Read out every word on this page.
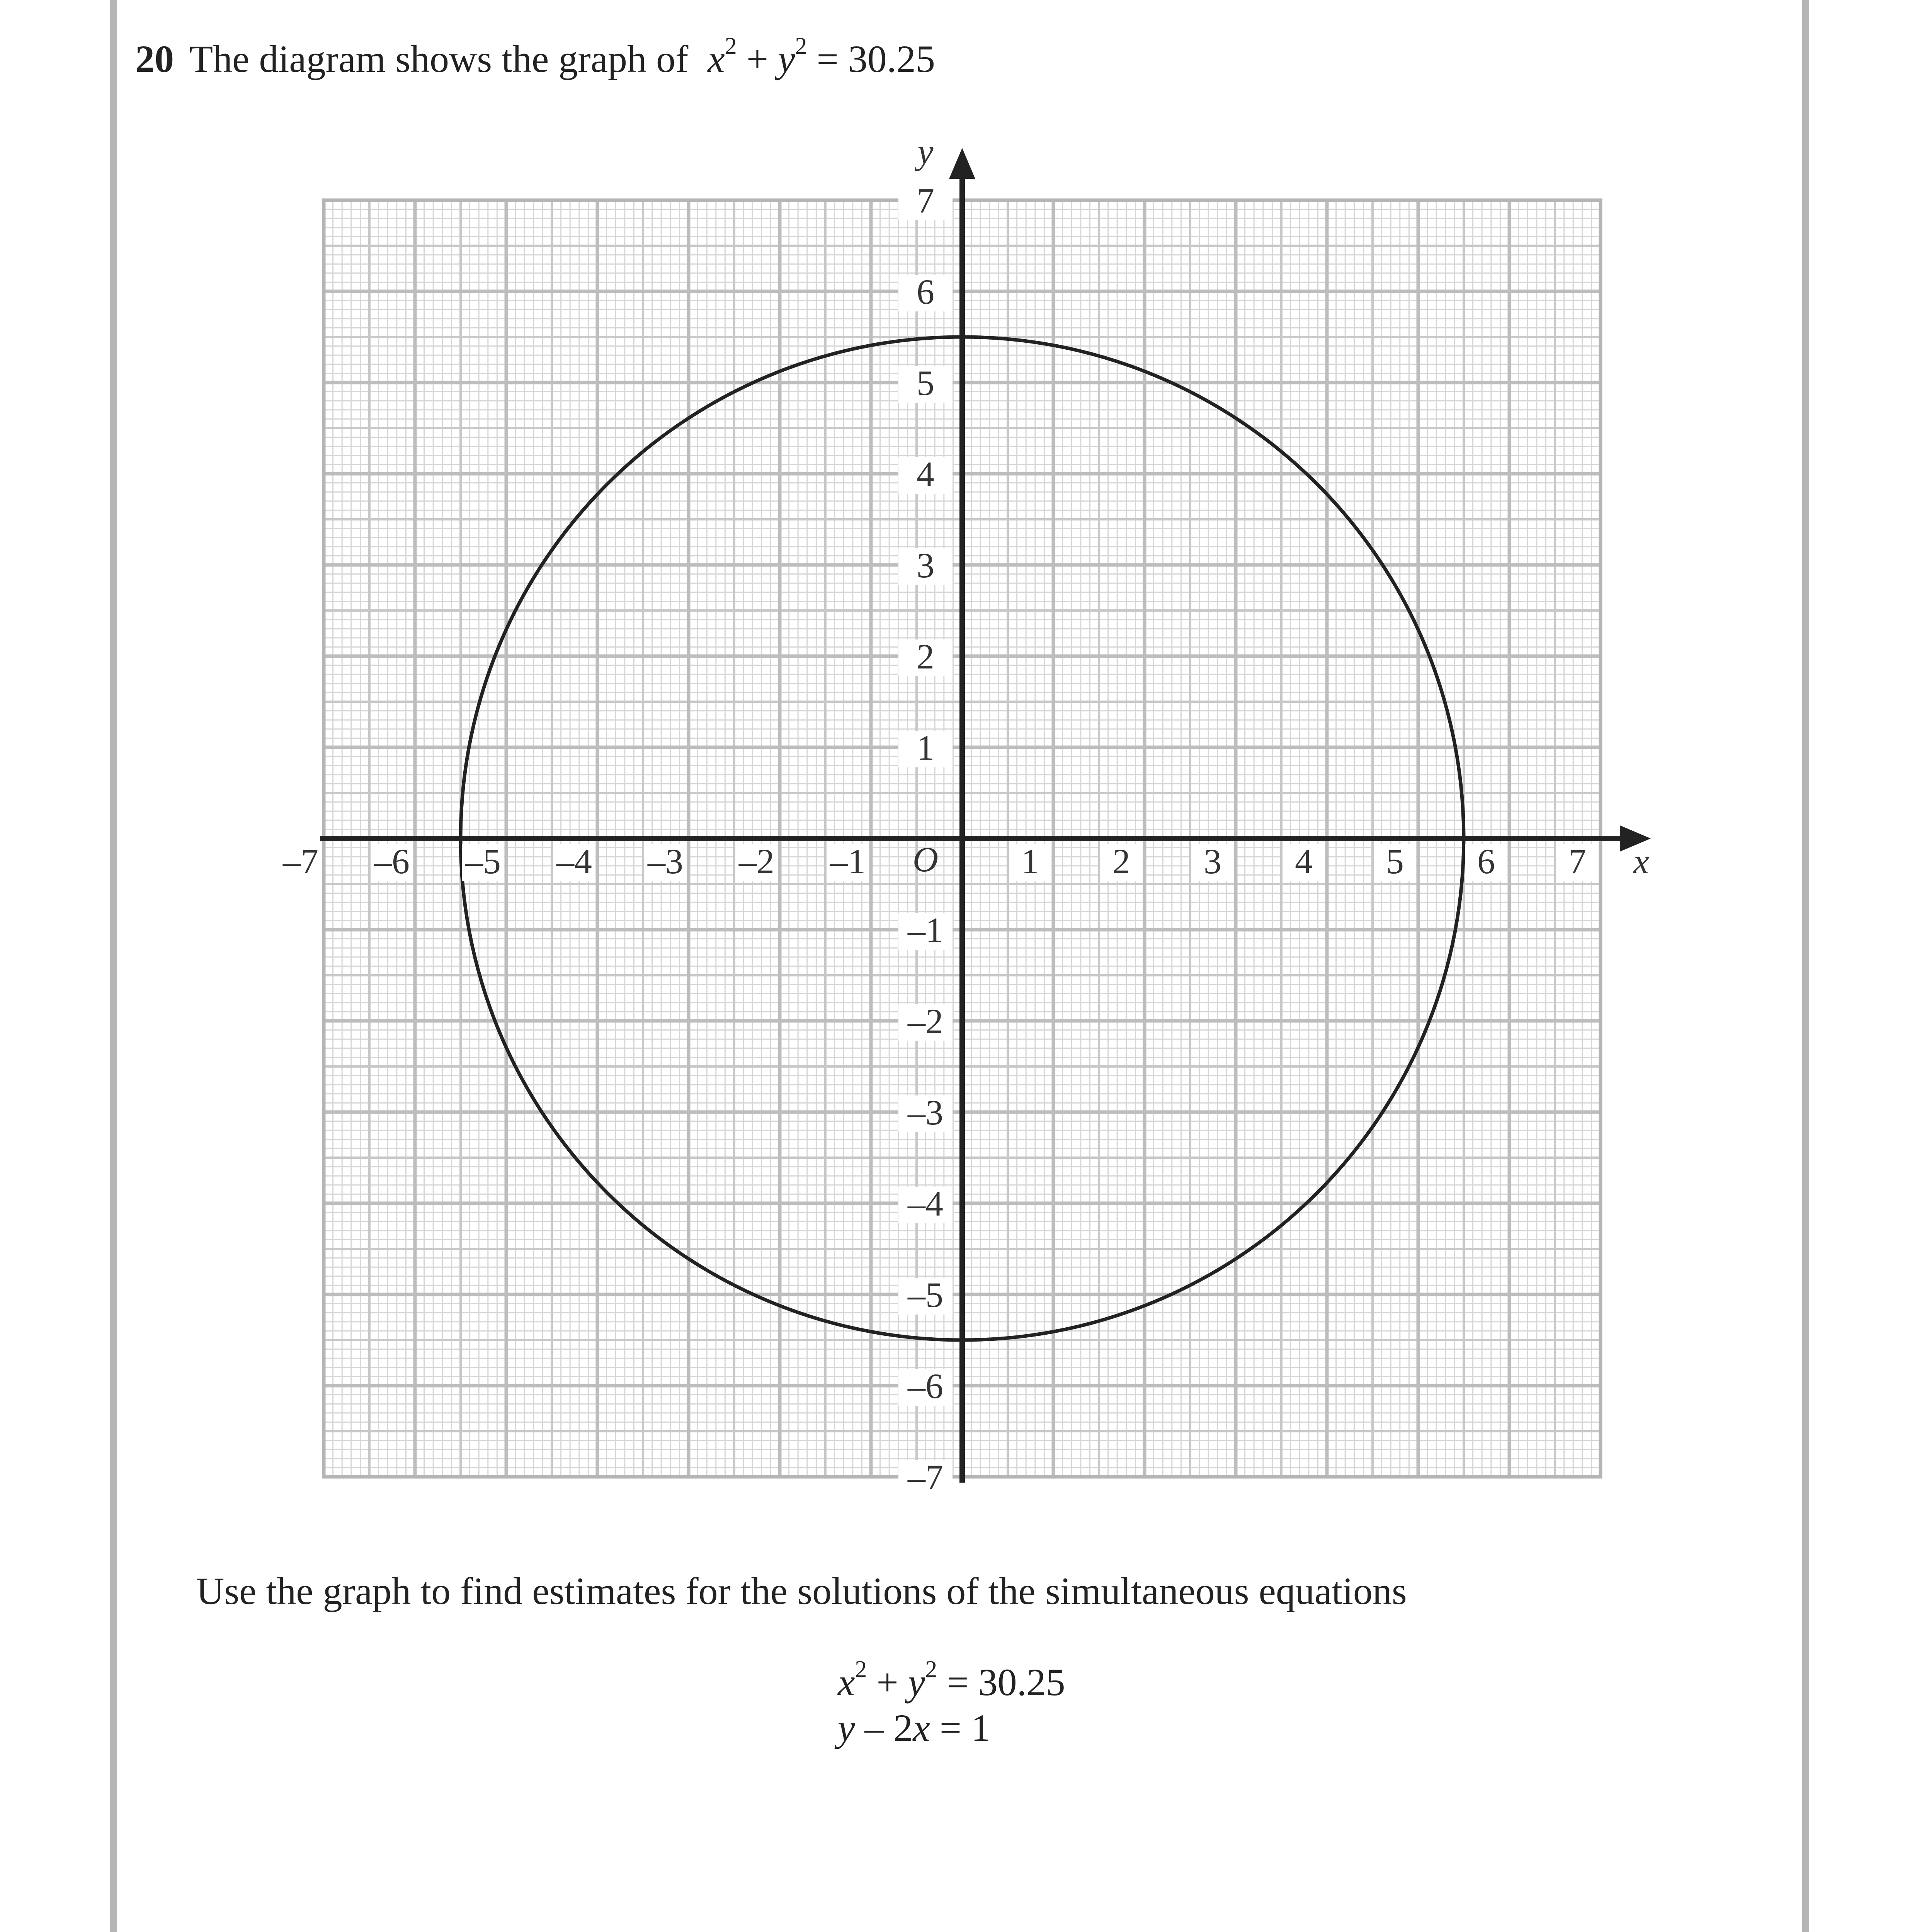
20 The diagram shows the graph of $x^2 + y^2 = 30.25$
–7 –6 –5 –4 –3 –2 –1	1 2 3 4 5 6 7
7
6
5
4
3
2
1
–1
–2
–3
–4
–5
–6
–7
O	x
y
Use the graph to find estimates for the solutions of the simultaneous equations
$x^2 + y^2 = 30.25$
y – 2x = 1
